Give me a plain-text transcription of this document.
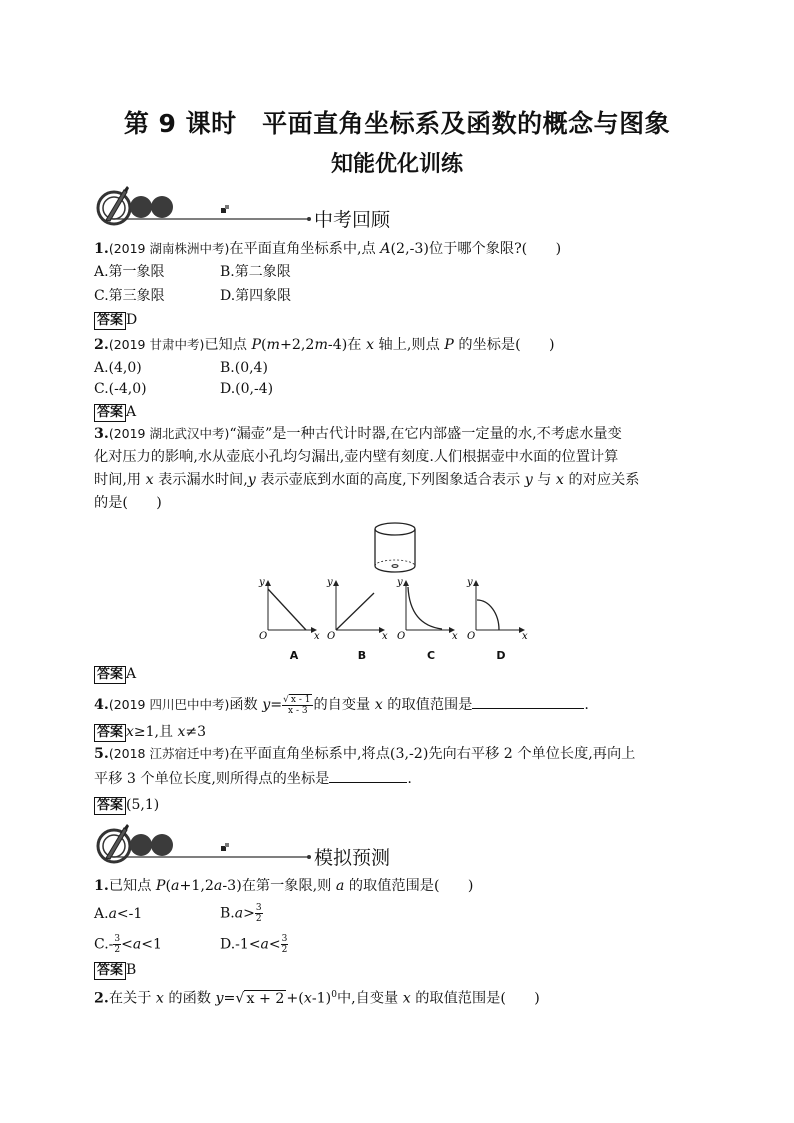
第 9 课时　平面直角坐标系及函数的概念与图象
知能优化训练
中考回顾
1.(2019 湖南株洲中考)在平面直角坐标系中,点 A(2,-3)位于哪个象限?(　　)
A.第一象限	B.第二象限
C.第三象限	D.第四象限
答案 D
2.(2019 甘肃中考)已知点 P(m+2,2m-4)在 x 轴上,则点 P 的坐标是(　　)
A.(4,0)	B.(0,4)
C.(-4,0)	D.(0,-4)
答案 A
3.(2019 湖北武汉中考)“漏壶”是一种古代计时器,在它内部盛一定量的水,不考虑水量变
化对压力的影响,水从壶底小孔均匀漏出,壶内壁有刻度.人们根据壶中水面的位置计算
时间,用 x 表示漏水时间,y 表示壶底到水面的高度,下列图象适合表示 y 与 x 的对应关系
的是(　　)
y
O	x
y
O	x
y
O	x
y
O	x
A	B	C	D
答案 A
4.(2019 四川巴中中考)函数 $y= \frac{√ x - 1}{x - 3}$ 的自变量 x 的取值范围是	.
答案 x≥1,且 x≠3
5.(2018 江苏宿迁中考)在平面直角坐标系中,将点(3,-2)先向右平移 2 个单位长度,再向上
平移 3 个单位长度,则所得点的坐标是	.
答案 (5,1)
模拟预测
1.已知点 P(a+1,2a-3)在第一象限,则 a 的取值范围是(　　)
A.a<-1	$B.a> \frac{3}{2}$
$C.- \frac{3}{2} <a<1$	$D.-1<a< \frac{3}{2}$
答案 B
2.在关于 x 的函数 y=√ $x + 2 +(x-1)^0$中,自变量 x 的取值范围是(　　)
